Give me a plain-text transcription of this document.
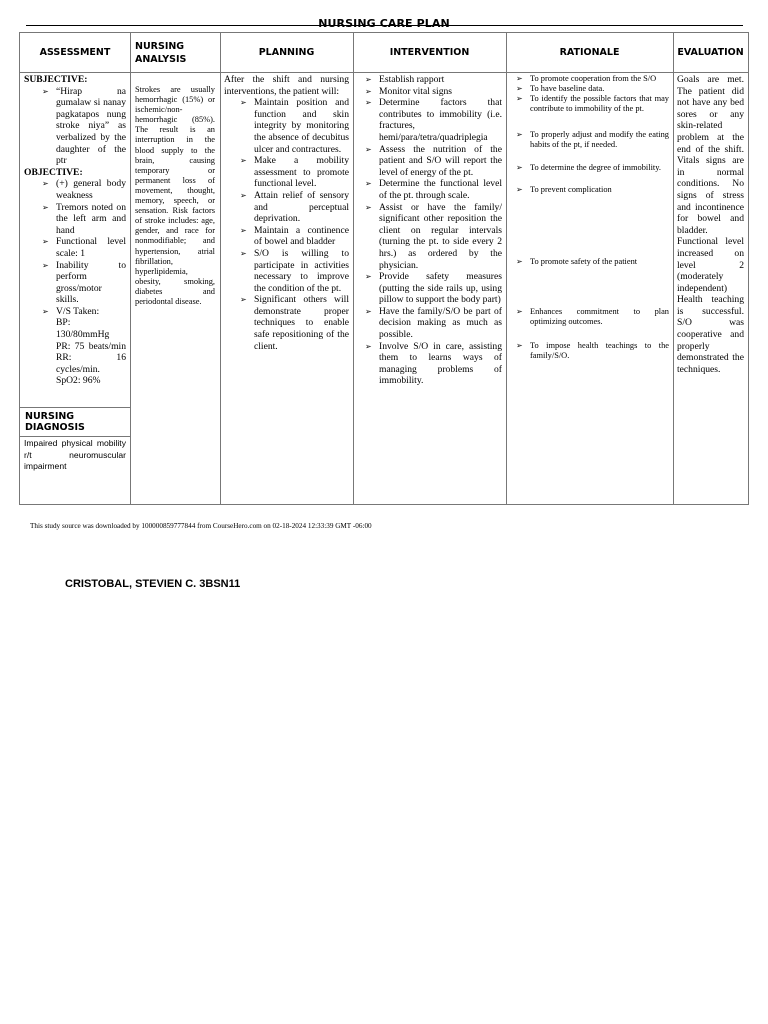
NURSING CARE PLAN
ASSESSMENT
SUBJECTIVE:
➢ “Hirap na gumalaw si nanay pagkatapos nung stroke niya” as verbalized by the daughter of the ptr
OBJECTIVE:
➢ (+) general body weakness
➢ Tremors noted on the left arm and hand
➢ Functional level scale: 1
➢ Inability to perform gross/motor skills.
➢ V/S Taken:
BP: 130/80mmHg
PR: 75 beats/min
RR: 16 cycles/min.
SpO2: 96%
NURSING DIAGNOSIS
Impaired physical mobility r/t neuromuscular impairment
NURSING
ANALYSIS
Strokes are usually hemorrhagic (15%) or ischemic/non-hemorrhagic (85%). The result is an interruption in the blood supply to the brain, causing temporary or permanent loss of movement, thought, memory, speech, or sensation. Risk factors of stroke includes: age, gender, and race for nonmodifiable; and hypertension, atrial fibrillation, hyperlipidemia, obesity, smoking, diabetes and periodontal disease.
PLANNING
After the shift and nursing interventions, the patient will:
➢ Maintain position and function and skin integrity by monitoring the absence of decubitus ulcer and contractures.
➢ Make a mobility assessment to promote functional level.
➢ Attain relief of sensory and perceptual deprivation.
➢ Maintain a continence of bowel and bladder
➢ S/O is willing to participate in activities necessary to improve the condition of the pt.
➢ Significant others will demonstrate proper techniques to enable safe repositioning of the client.
INTERVENTION
➢ Establish rapport
➢ Monitor vital signs
➢ Determine factors that contributes to immobility (i.e. fractures, hemi/para/tetra/quadriplegia
➢ Assess the nutrition of the patient and S/O will report the level of energy of the pt.
➢ Determine the functional level of the pt. through scale.
➢ Assist or have the family/ significant other reposition the client on regular intervals (turning the pt. to side every 2 hrs.) as ordered by the physician.
➢ Provide safety measures (putting the side rails up, using pillow to support the body part)
➢ Have the family/S/O be part of decision making as much as possible.
➢ Involve S/O in care, assisting them to learns ways of managing problems of immobility.
RATIONALE
➢ To promote cooperation from the S/O
➢ To have baseline data.
➢ To identify the possible factors that may contribute to immobility of the pt.
➢ To properly adjust and modify the eating habits of the pt, if needed.
➢ To determine the degree of immobility.
➢ To prevent complication
➢ To promote safety of the patient
➢ Enhances commitment to plan optimizing outcomes.
➢ To impose health teachings to the family/S/O.
EVALUATION
Goals are met. The patient did not have any bed sores or any skin-related problem at the end of the shift. Vitals signs are in normal conditions. No signs of stress and incontinence for bowel and bladder. Functional level increased on level 2 (moderately independent) Health teaching is successful. S/O was cooperative and properly demonstrated the techniques.
This study source was downloaded by 100000859777844 from CourseHero.com on 02-18-2024 12:33:39 GMT -06:00
CRISTOBAL, STEVIEN C. 3BSN11
